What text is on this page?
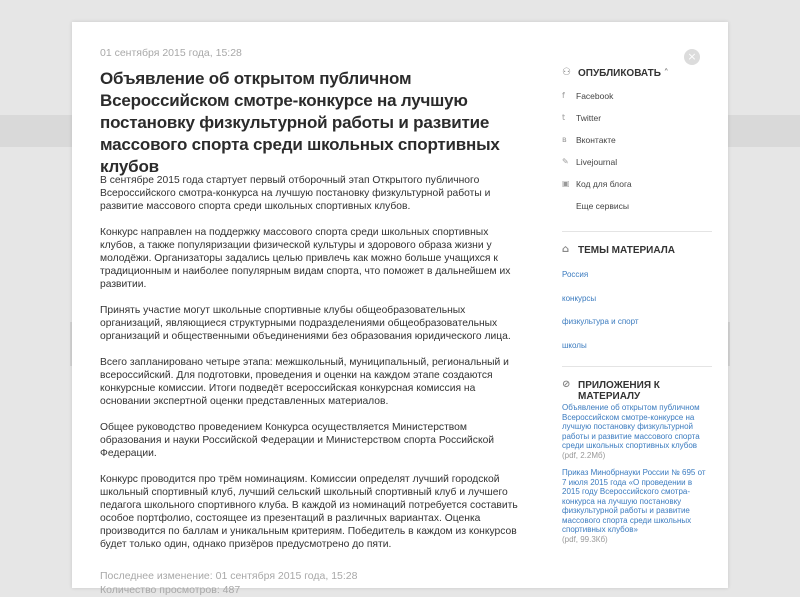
×
01 сентября 2015 года, 15:28
Объявление об открытом публичном Всероссийском смотре-конкурсе на лучшую постановку физкультурной работы и развитие массового спорта среди школьных спортивных клубов

В сентябре 2015 года стартует первый отборочный этап Открытого публичного Всероссийского смотра-конкурса на лучшую постановку физкультурной работы и развитие массового спорта среди школьных спортивных клубов.

Конкурс направлен на поддержку массового спорта среди школьных спортивных клубов, а также популяризации физической культуры и здорового образа жизни у молодёжи. Организаторы задались целью привлечь как можно больше учащихся к традиционным и наиболее популярным видам спорта, что поможет в дальнейшем их развитии.

Принять участие могут школьные спортивные клубы общеобразовательных организаций, являющиеся структурными подразделениями общеобразовательных организаций и общественными объединениями без образования юридического лица.

Всего запланировано четыре этапа: межшкольный, муниципальный, региональный и всероссийский. Для подготовки, проведения и оценки на каждом этапе создаются конкурсные комиссии. Итоги подведёт всероссийская конкурсная комиссия на основании экспертной оценки представленных материалов.

Общее руководство проведением Конкурса осуществляется Министерством образования и науки Российской Федерации и Министерством спорта Российской Федерации.

Конкурс проводится про трём номинациям. Комиссии определят лучший городской школьный спортивный клуб, лучший сельский школьный спортивный клуб и лучшего педагога школьного спортивного клуба. В каждой из номинаций потребуется составить особое портфолио, состоящее из презентаций в различных вариантах. Оценка производится по баллам и уникальным критериям. Победитель в каждом из конкурсов будет только один, однако призёров предусмотрено до пяти.

Последнее изменение: 01 сентября 2015 года, 15:28
Количество просмотров: 487
⚇ ОПУБЛИКОВАТЬ ˄
f	Facebook
t	Twitter
в	Вконтакте
✎ Livejournal
▣ Код для блога
Еще сервисы
⌂ ТЕМЫ МАТЕРИАЛА
Россия
конкурсы
физкультура и спорт
школы
⊘ ПРИЛОЖЕНИЯ К МАТЕРИАЛУ
Объявление об открытом публичном Всероссийском смотре-конкурсе на лучшую постановку физкультурной работы и развитие массового спорта среди школьных спортивных клубов
(pdf, 2.2Мб)
Приказ Минобрнауки России № 695 от 7 июля 2015 года «О проведении в 2015 году Всероссийского смотра-конкурса на лучшую постановку физкультурной работы и развитие массового спорта среди школьных спортивных клубов»
(pdf, 99.3Кб)
